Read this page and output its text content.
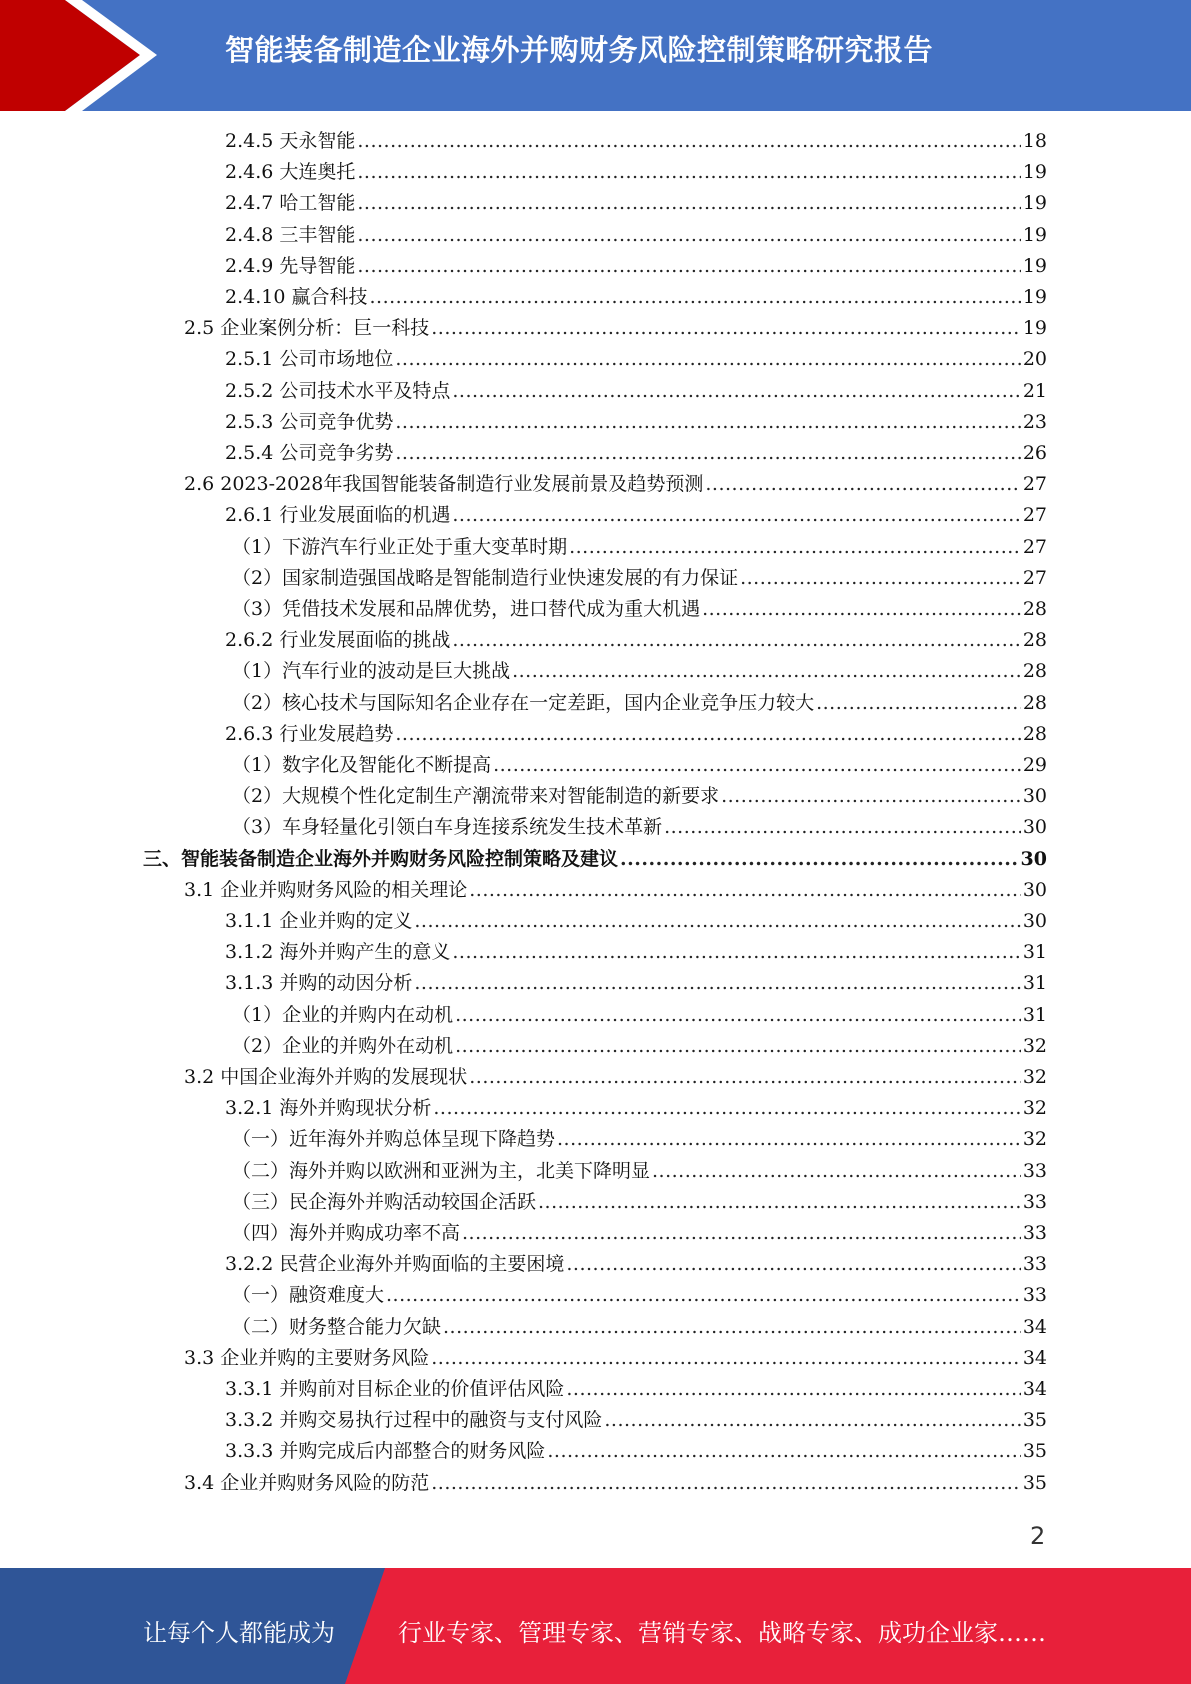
智能装备制造企业海外并购财务风险控制策略研究报告
2.4.5 天永智能 .....	18
2.4.6 大连奥托 .....	19
2.4.7 哈工智能 .....	19
2.4.8 三丰智能 .....	19
2.4.9 先导智能 .....	19
2.4.10 赢合科技 .....	19
2.5 企业案例分析：巨一科技 .....	19
2.5.1 公司市场地位 .....	20
2.5.2 公司技术水平及特点 .....	21
2.5.3 公司竞争优势 .....	23
2.5.4 公司竞争劣势 .....	26
2.6 2023-2028年我国智能装备制造行业发展前景及趋势预测 .....	27
2.6.1 行业发展面临的机遇 .....	27
（1）下游汽车行业正处于重大变革时期 .....	27
（2）国家制造强国战略是智能制造行业快速发展的有力保证 .....	27
（3）凭借技术发展和品牌优势，进口替代成为重大机遇 .....	28
2.6.2 行业发展面临的挑战 .....	28
（1）汽车行业的波动是巨大挑战 .....	28
（2）核心技术与国际知名企业存在一定差距，国内企业竞争压力较大 .....	28
2.6.3 行业发展趋势 .....	28
（1）数字化及智能化不断提高 .....	29
（2）大规模个性化定制生产潮流带来对智能制造的新要求 .....	30
（3）车身轻量化引领白车身连接系统发生技术革新 .....	30
三、智能装备制造企业海外并购财务风险控制策略及建议 .....	30
3.1 企业并购财务风险的相关理论 .....	30
3.1.1 企业并购的定义 .....	30
3.1.2 海外并购产生的意义 .....	31
3.1.3 并购的动因分析 .....	31
（1）企业的并购内在动机 .....	31
（2）企业的并购外在动机 .....	32
3.2 中国企业海外并购的发展现状 .....	32
3.2.1 海外并购现状分析 .....	32
（一）近年海外并购总体呈现下降趋势 .....	32
（二）海外并购以欧洲和亚洲为主，北美下降明显 .....	33
（三）民企海外并购活动较国企活跃 .....	33
（四）海外并购成功率不高 .....	33
3.2.2 民营企业海外并购面临的主要困境 .....	33
（一）融资难度大 .....	33
（二）财务整合能力欠缺 .....	34
3.3 企业并购的主要财务风险 .....	34
3.3.1 并购前对目标企业的价值评估风险 .....	34
3.3.2 并购交易执行过程中的融资与支付风险 .....	35
3.3.3 并购完成后内部整合的财务风险 .....	35
3.4 企业并购财务风险的防范 .....	35
2
让每个人都能成为	行业专家、管理专家、营销专家、战略专家、成功企业家……
